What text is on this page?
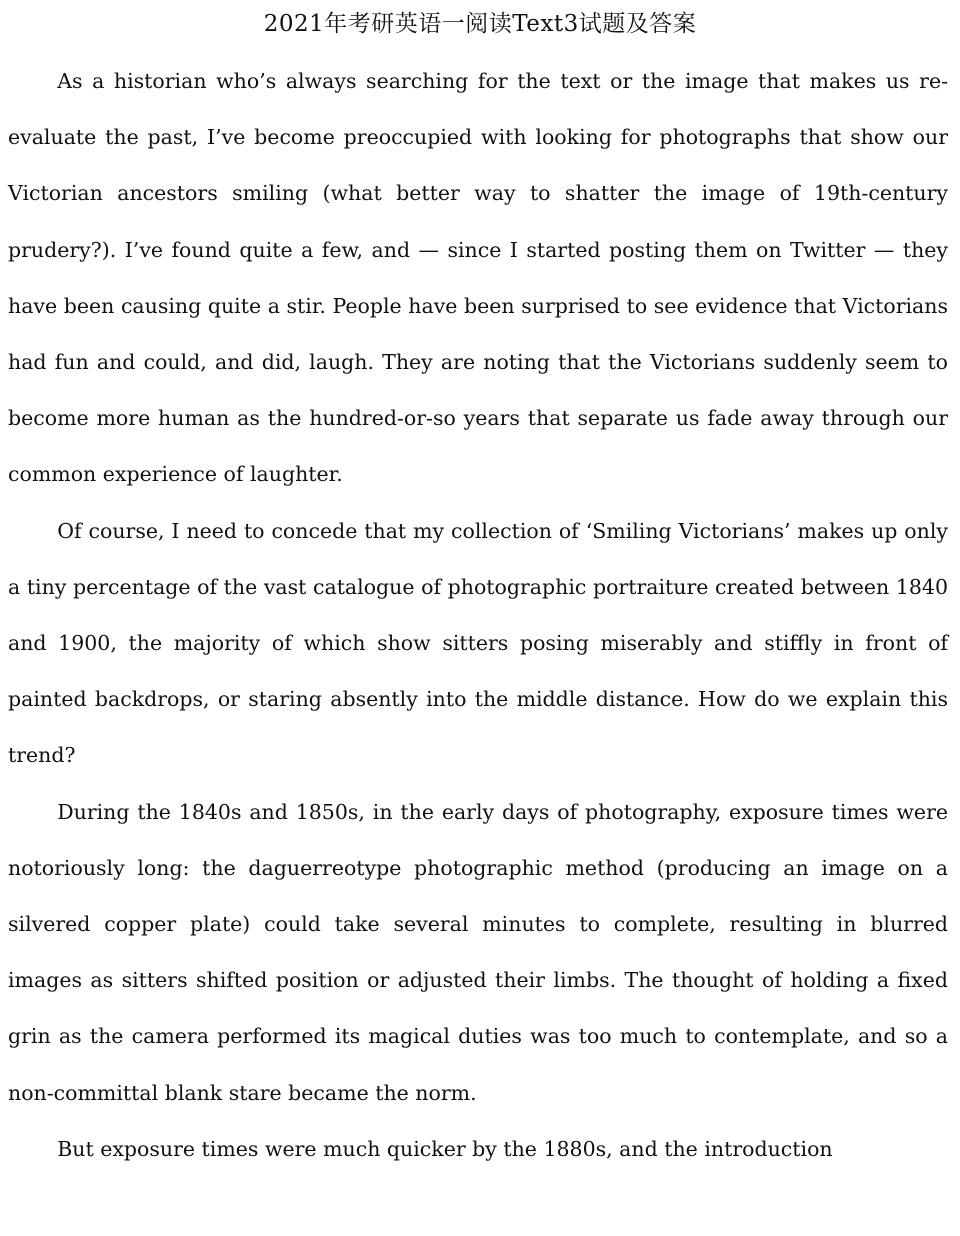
2021年考研英语一阅读Text3试题及答案

As a historian who’s always searching for the text or the image that makes us re-evaluate the past, I’ve become preoccupied with looking for photographs that show our Victorian ancestors smiling (what better way to shatter the image of 19th-century prudery?). I’ve found quite a few, and — since I started posting them on Twitter — they have been causing quite a stir. People have been surprised to see evidence that Victorians had fun and could, and did, laugh. They are noting that the Victorians suddenly seem to become more human as the hundred-or-so years that separate us fade away through our common experience of laughter.

Of course, I need to concede that my collection of ‘Smiling Victorians’ makes up only a tiny percentage of the vast catalogue of photographic portraiture created between 1840 and 1900, the majority of which show sitters posing miserably and stiffly in front of painted backdrops, or staring absently into the middle distance. How do we explain this trend?

During the 1840s and 1850s, in the early days of photography, exposure times were notoriously long: the daguerreotype photographic method (producing an image on a silvered copper plate) could take several minutes to complete, resulting in blurred images as sitters shifted position or adjusted their limbs. The thought of holding a fixed grin as the camera performed its magical duties was too much to contemplate, and so a non-committal blank stare became the norm.

But exposure times were much quicker by the 1880s, and the introduction
